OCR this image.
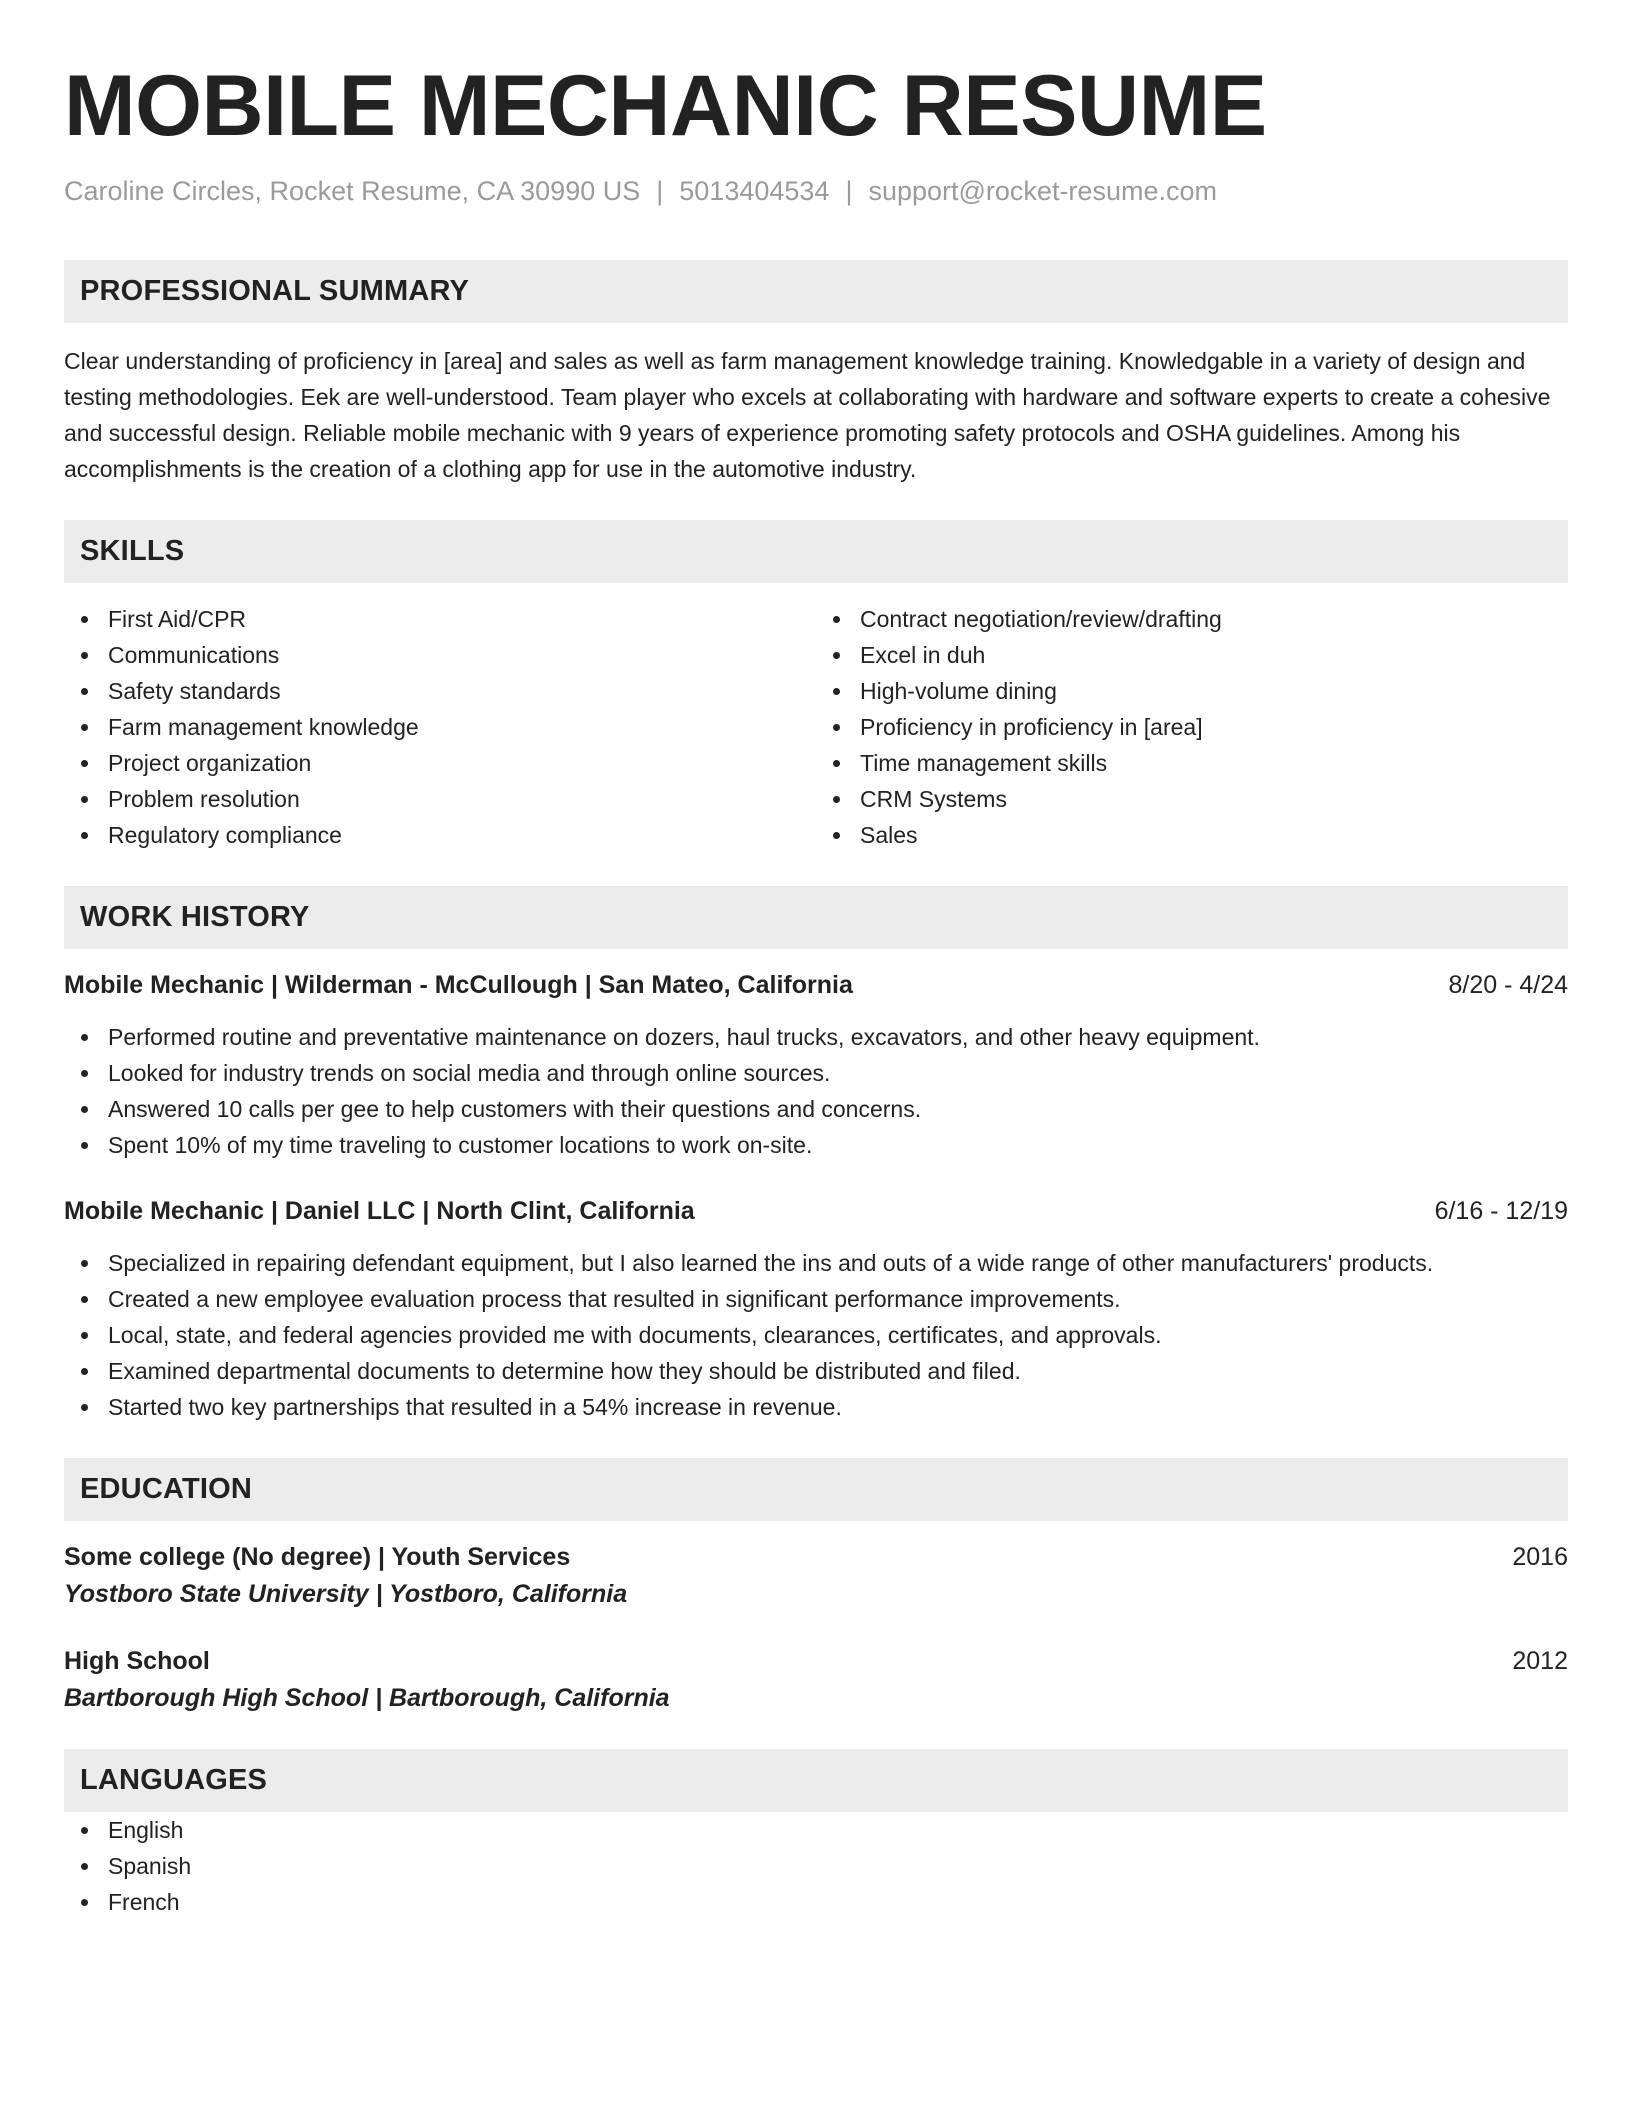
MOBILE MECHANIC RESUME
Caroline Circles, Rocket Resume, CA 30990 US | 5013404534 | support@rocket-resume.com
PROFESSIONAL SUMMARY

Clear understanding of proficiency in [area] and sales as well as farm management knowledge training. Knowledgable in a variety of design and testing methodologies. Eek are well-understood. Team player who excels at collaborating with hardware and software experts to create a cohesive and successful design. Reliable mobile mechanic with 9 years of experience promoting safety protocols and OSHA guidelines. Among his accomplishments is the creation of a clothing app for use in the automotive industry.

SKILLS
First Aid/CPR
Communications
Safety standards
Farm management knowledge
Project organization
Problem resolution
Regulatory compliance
Contract negotiation/review/drafting
Excel in duh
High-volume dining
Proficiency in proficiency in [area]
Time management skills
CRM Systems
Sales
WORK HISTORY
Mobile Mechanic | Wilderman - McCullough | San Mateo, California	8/20 - 4/24
Performed routine and preventative maintenance on dozers, haul trucks, excavators, and other heavy equipment.
Looked for industry trends on social media and through online sources.
Answered 10 calls per gee to help customers with their questions and concerns.
Spent 10% of my time traveling to customer locations to work on-site.
Mobile Mechanic | Daniel LLC | North Clint, California	6/16 - 12/19
Specialized in repairing defendant equipment, but I also learned the ins and outs of a wide range of other manufacturers' products.
Created a new employee evaluation process that resulted in significant performance improvements.
Local, state, and federal agencies provided me with documents, clearances, certificates, and approvals.
Examined departmental documents to determine how they should be distributed and filed.
Started two key partnerships that resulted in a 54% increase in revenue.
EDUCATION
Some college (No degree) | Youth Services	2016
Yostboro State University | Yostboro, California
High School	2012
Bartborough High School | Bartborough, California
LANGUAGES
English
Spanish
French
